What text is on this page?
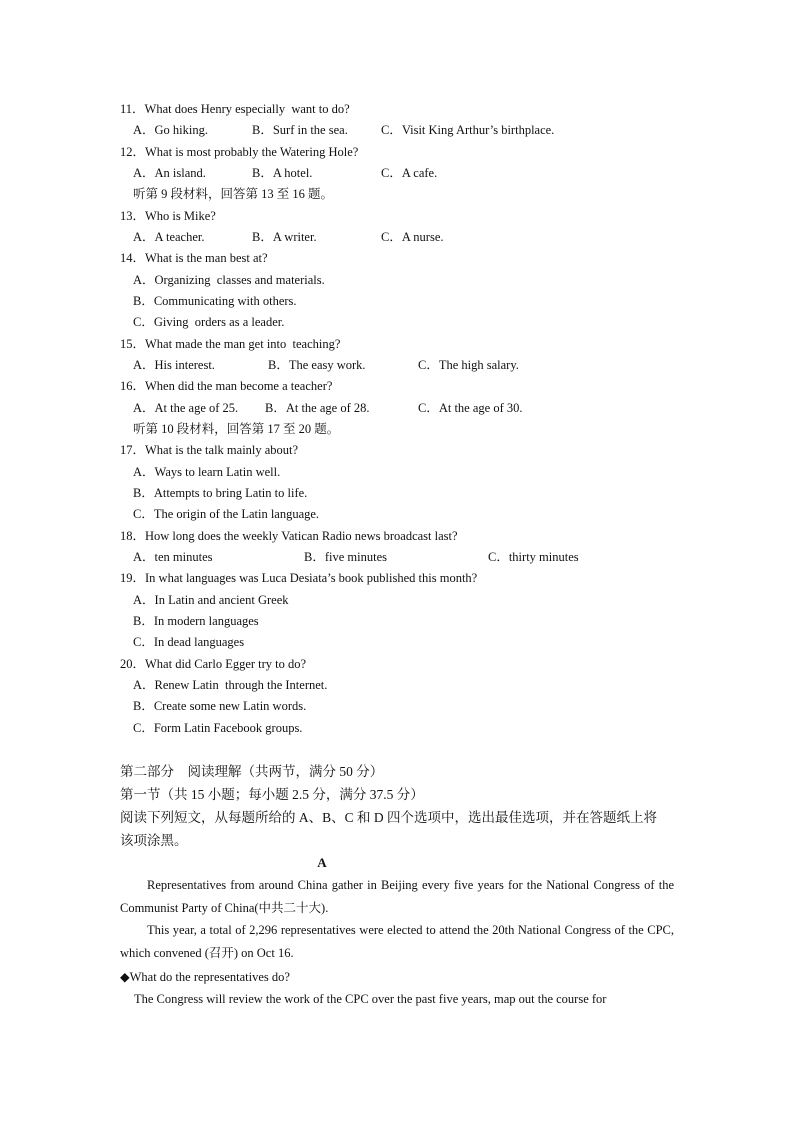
11．What does Henry especially  want to do?
A．Go hiking.	B．Surf in the sea.	C．Visit King Arthur’s birthplace.
12．What is most probably the Watering Hole?
A．An island.	B．A hotel.	C．A cafe.
听第 9 段材料，回答第 13 至 16 题。
13．Who is Mike?
A．A teacher.	B．A writer.	C．A nurse.
14．What is the man best at?
A．Organizing  classes and materials.
B．Communicating with others.
C．Giving  orders as a leader.
15．What made the man get into  teaching?
A．His interest.	B．The easy work.	C．The high salary.
16．When did the man become a teacher?
A．At the age of 25. B．At the age of 28.	C．At the age of 30.
听第 10 段材料，回答第 17 至 20 题。
17．What is the talk mainly about?
A．Ways to learn Latin well.
B．Attempts to bring Latin to life.
C．The origin of the Latin language.
18．How long does the weekly Vatican Radio news broadcast last?
A．ten minutes	B．five minutes	C．thirty minutes
19．In what languages was Luca Desiata’s book published this month?
A．In Latin and ancient Greek
B．In modern languages
C．In dead languages
20．What did Carlo Egger try to do?
A．Renew Latin  through the Internet.
B．Create some new Latin words.
C．Form Latin Facebook groups.
第二部分　阅读理解（共两节，满分 50 分）
第一节（共 15 小题；每小题 2.5 分，满分 37.5 分）
阅读下列短文，从每题所给的 A、B、C 和 D 四个选项中，选出最佳选项，并在答题纸上将
该项涂黑。
A
Representatives from around China gather in Beijing every five years for the National Congress of the Communist Party of China(中共二十大).
This year, a total of 2,296 representatives were elected to attend the 20th National Congress of the CPC, which convened (召开) on Oct 16.
◆What do the representatives do?
The Congress will review the work of the CPC over the past five years, map out the course for
